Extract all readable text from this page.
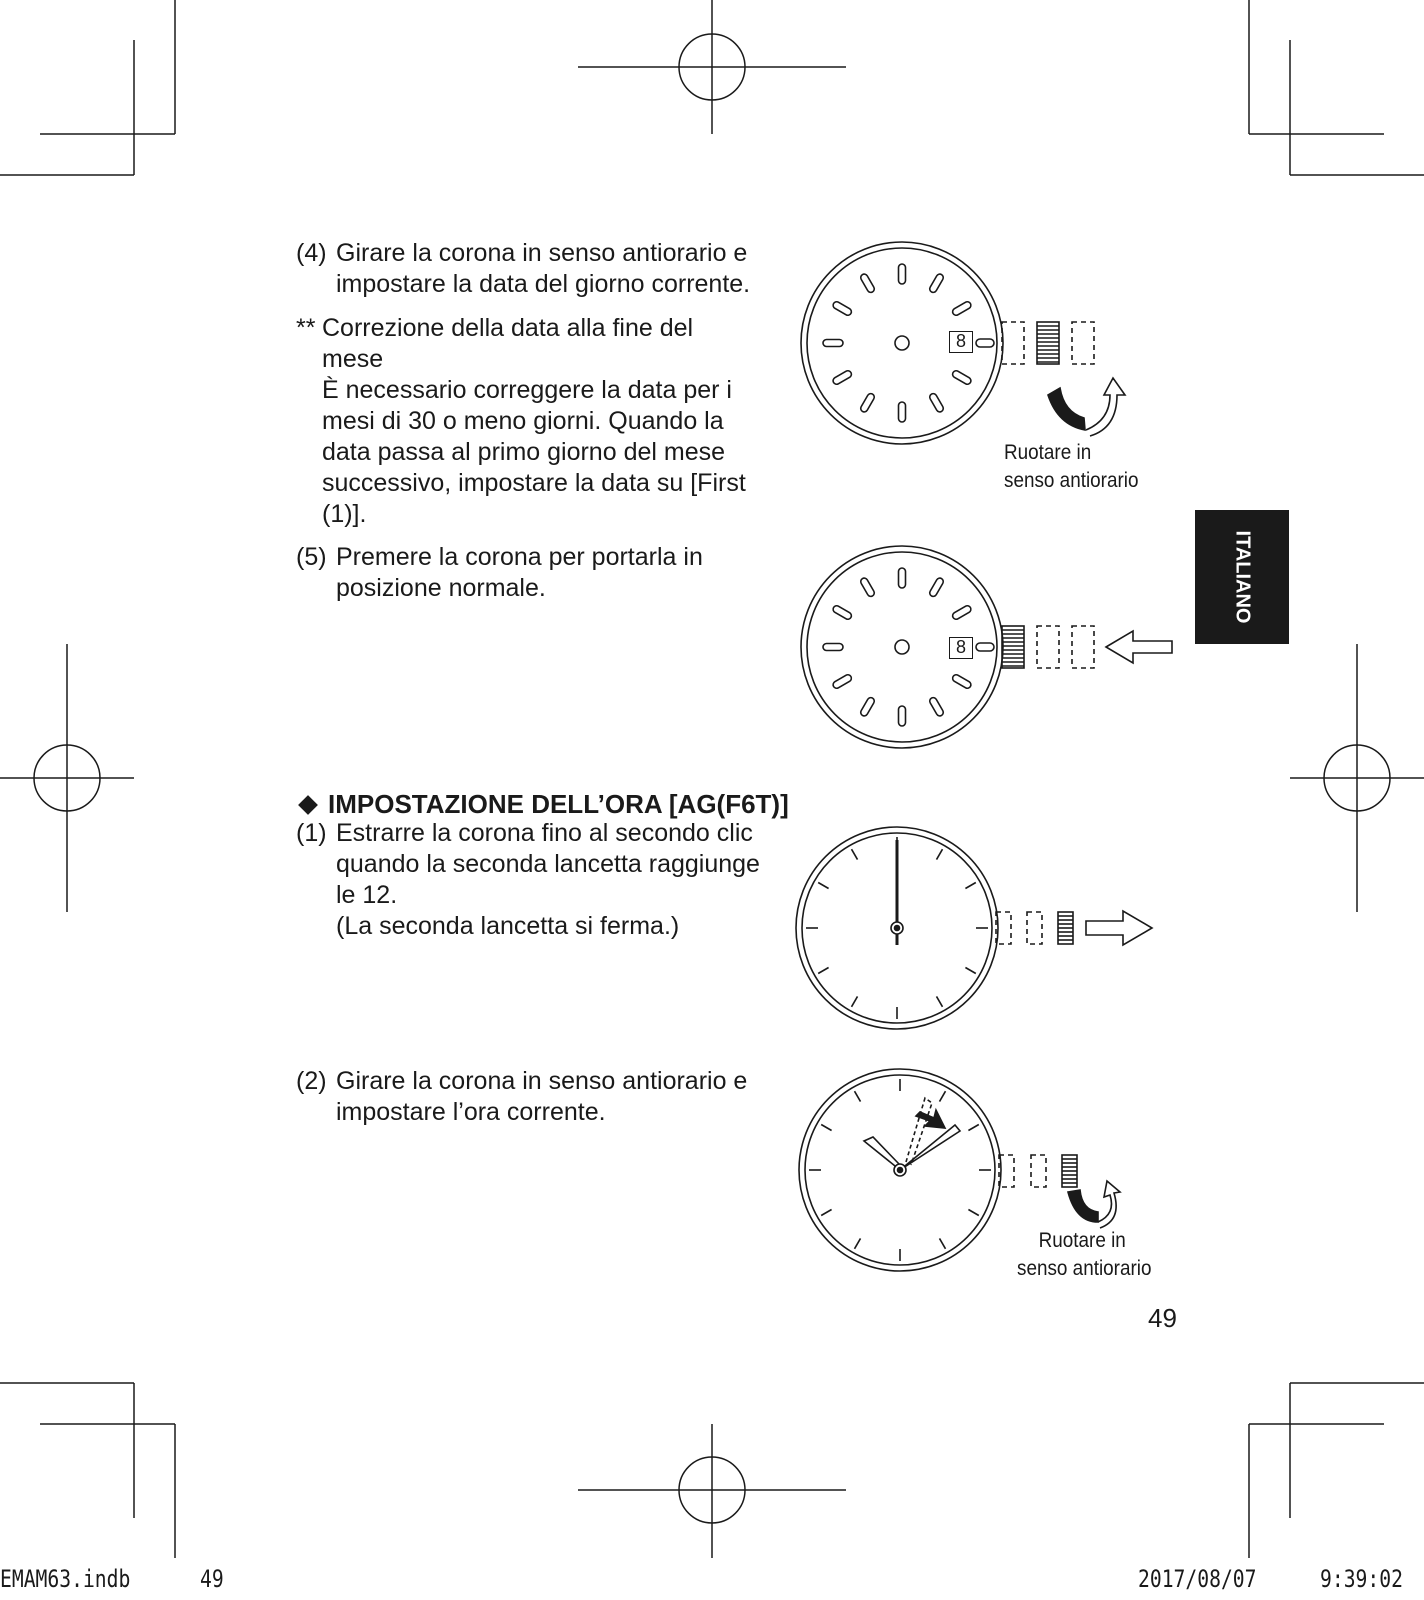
(4) Girare la corona in senso antiorario e
impostare la data del giorno corrente.
** Correzione della data alla fine del
mese
È necessario correggere la data per i
mesi di 30 o meno giorni. Quando la
data passa al primo giorno del mese
successivo, impostare la data su [First
(1)].
(5) Premere la corona per portarla in
posizione normale.
IMPOSTAZIONE DELL’ORA [AG(F6T)]
(1) Estrarre la corona fino al secondo clic
quando la seconda lancetta raggiunge
le 12.
(La seconda lancetta si ferma.)
(2) Girare la corona in senso antiorario e
impostare l’ora corrente.
8
8
Ruotare in
senso antiorario
Ruotare in
senso antiorario
ITALIANO
49
EMAM63.indb	49	2017/08/07	9:39:02
